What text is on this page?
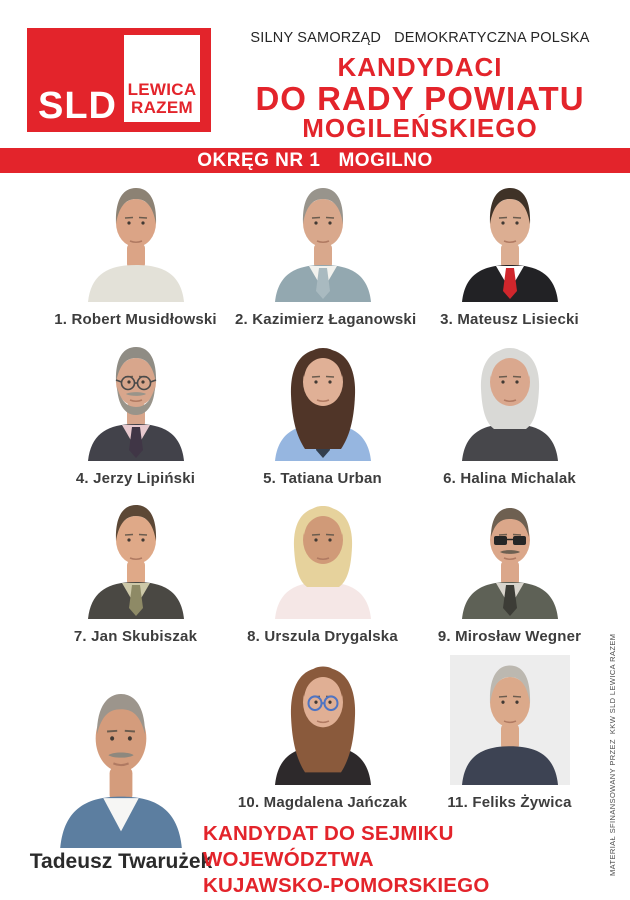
SLD LEWICA
RAZEM
SILNY SAMORZĄD DEMOKRATYCZNA POLSKA
KANDYDACI
DO RADY POWIATU
MOGILEŃSKIEGO
OKRĘG NR 1 MOGILNO
1. Robert Musidłowski	2. Kazimierz Łaganowski	3. Mateusz Lisiecki
4. Jerzy Lipiński	5. Tatiana Urban	6. Halina Michalak
7. Jan Skubiszak	8. Urszula Drygalska	9. Mirosław Wegner
10. Magdalena Jańczak	11. Feliks Żywica
Tadeusz Twarużek
KANDYDAT DO SEJMIKU WOJEWÓDZTWA
KUJAWSKO-POMORSKIEGO
MATERIAŁ SFINANSOWANY PRZEZ  KKW SLD LEWICA RAZEM
